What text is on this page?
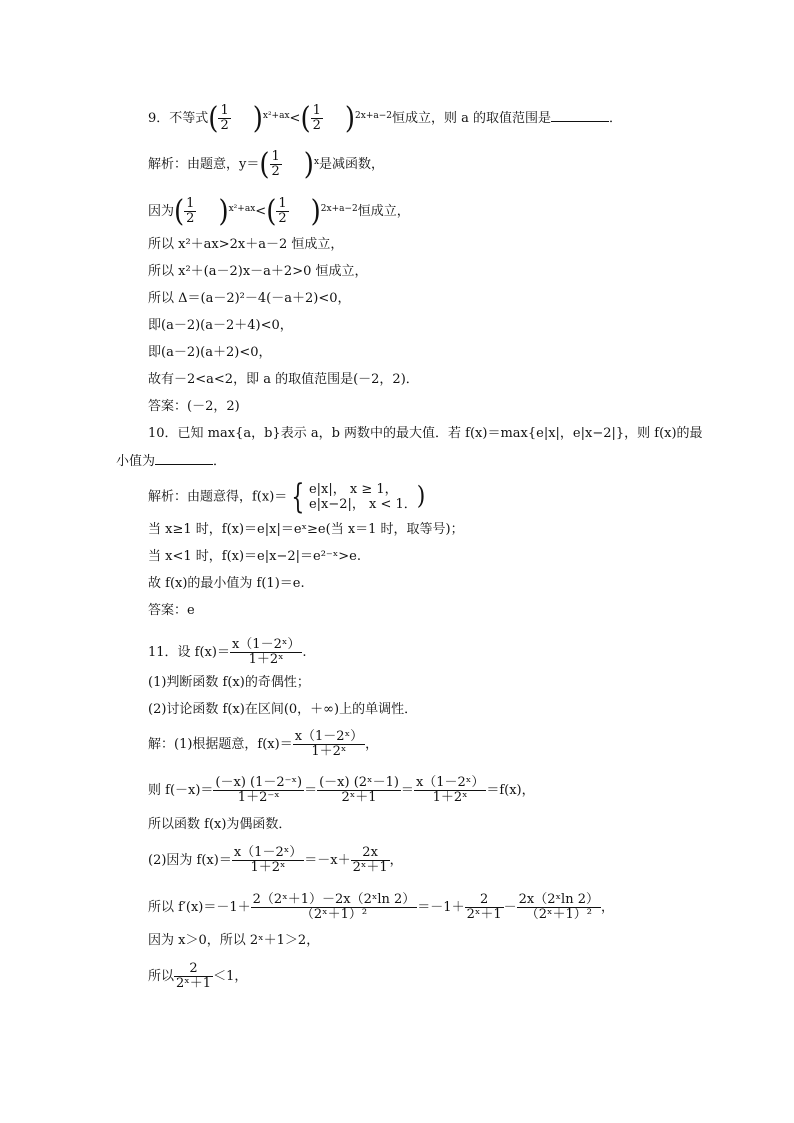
9．不等式( $\frac{1}{2} )^{x^2+ax}<( \frac{1}{2} )^{2x+a-2}$恒成立，则 a 的取值范围是	．
解析：由题意，$y=( \frac{1}{2} )^x$是减函数，
因为( $\frac{1}{2} )^{x^2+ax}<( \frac{1}{2} )^{2x+a-2}$恒成立，
所以 x²＋ax>2x＋a－2 恒成立，
所以 x²＋(a－2)x－a＋2>0 恒成立，
所以 Δ＝(a－2)²－4(－a＋2)<0，
即(a－2)(a－2＋4)<0，
即(a－2)(a＋2)<0，
故有－2<a<2，即 a 的取值范围是(－2，2)．
答案：(－2，2)
10．已知 max{a，b}表示 a，b 两数中的最大值．若 f(x)＝max{e|x|，e|x−2|}，则 f(x)的最
小值为	．
解析：由题意得，f(x)＝ { e|x|， x ≥ 1，
e|x−2|， x < 1． )
当 x≥1 时，f(x)＝e|x|＝eˣ≥e(当 x＝1 时，取等号)；
当 x<1 时，f(x)＝e|x−2|＝e²⁻ˣ>e.
故 f(x)的最小值为 f(1)＝e.
答案：e
11．设 $f(x)= \frac{\text{x（1－2ˣ）}}{\text{1＋2ˣ}}$ .
(1)判断函数 f(x)的奇偶性；
(2)讨论函数 f(x)在区间(0，＋∞)上的单调性．
解：(1)根据题意，$f(x)= \frac{\text{x（1－2ˣ）}}{\text{1＋2ˣ}}$ ，
则 $f(-x)= \frac{\text{(－x) (1－2⁻ˣ)}}{\text{1＋2⁻ˣ}} = \frac{\text{(－x) (2ˣ－1)}}{\text{2ˣ＋1}} = \frac{\text{x（1－2ˣ）}}{\text{1＋2ˣ}} =f(x)$，
所以函数 f(x)为偶函数．
(2)因为 $f(x)= \frac{\text{x（1－2ˣ）}}{\text{1＋2ˣ}} =-x+ \frac{2x}{\text{2ˣ＋1}}$ ，
所以 $f'(x)=-1+ \frac{\text{2（2ˣ＋1）－2x（2ˣln 2）}}{\text{（2ˣ＋1）²}} =-1+ \frac{2}{\text{2ˣ＋1}} - \frac{\text{2x（2ˣln 2）}}{\text{（2ˣ＋1）²}}$ ，
因为 x＞0，所以 2ˣ＋1＞2，
所以 $\frac{2}{\text{2ˣ＋1}} <1$，
